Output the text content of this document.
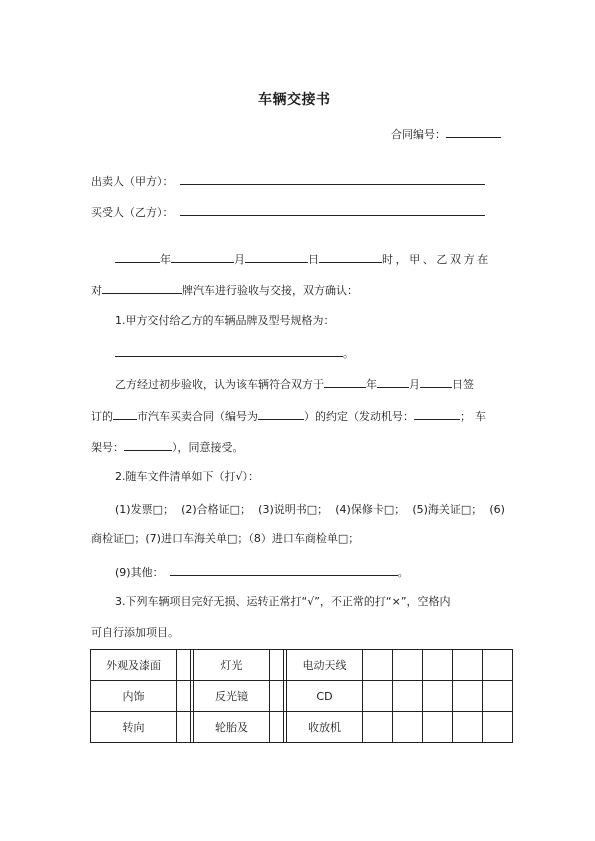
车辆交接书
合同编号：
出卖人（甲方）：
买受人（乙方）：
年	月	日	时，甲、乙双方在
对	牌汽车进行验收与交接，双方确认：
1.甲方交付给乙方的车辆品牌及型号规格为：
。
乙方经过初步验收，认为该车辆符合双方于	年	月	日签
订的 市汽车买卖合同（编号为	）的约定（发动机号：	；车
架号：	），同意接受。
2.随车文件清单如下（打√）：
(1)发票□； (2)合格证□； (3)说明书□； (4)保修卡□； (5)海关证□； (6)
商检证□；(7)进口车海关单□；（8）进口车商检单□；
(9)其他：	。
3.下列车辆项目完好无损、运转正常打“√”，不正常的打“×”，空格内
可自行添加项目。
外观及漆面			灯光			电动天线					
内饰			反光镜			CD					
转向			轮胎及			收放机					
